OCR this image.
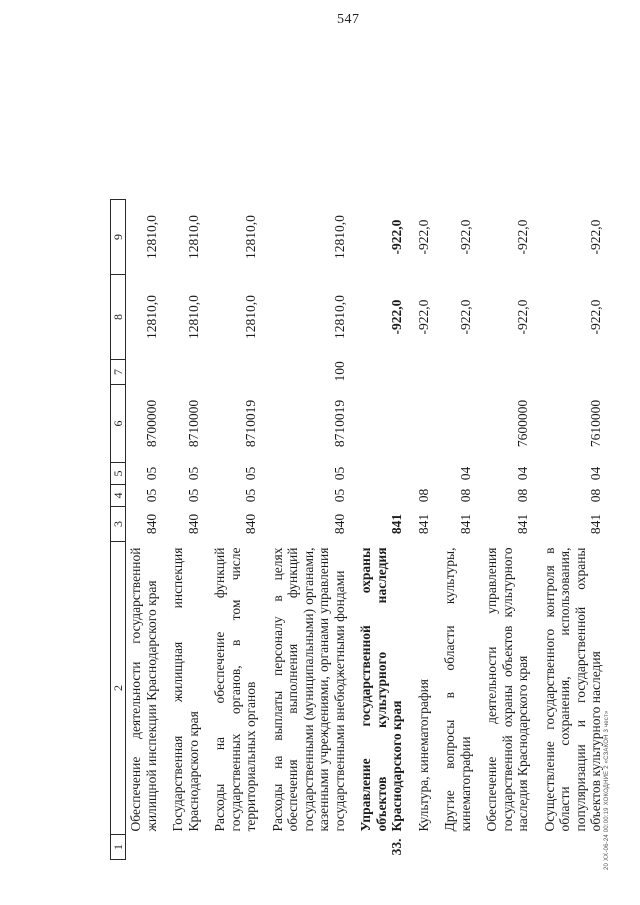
547
20 ХХ-06-24 00:00:19 ХОКОДНИЕ 2 «СЗАКОН 3 чест»
1	2	3	4	5	6	7	8	9	
	Обеспечение деятельности государственной жилищной инспекции Краснодарского края	840	05	05	8700000		12810,0	12810,0	
	Государственная жилищная инспекция Краснодарского края	840	05	05	8710000		12810,0	12810,0	
	Расходы на обеспечение функций государственных органов, в том числе территориальных органов	840	05	05	8710019		12810,0	12810,0	
	Расходы на выплаты персоналу в целях обеспечения выполнения функций государственными (муниципальными) органами, казенными учреждениями, органами управления государственными внебюджетными фондами	840	05	05	8710019	100	12810,0	12810,0	
33.	Управление государственной охраны объектов культурного наследия Краснодарского края	841					-922,0	-922,0	
	Культура, кинематография	841	08				-922,0	-922,0	
	Другие вопросы в области культуры, кинематографии	841	08	04			-922,0	-922,0	
	Обеспечение деятельности управления государственной охраны объектов культурного наследия Краснодарского края	841	08	04	7600000		-922,0	-922,0	
	Осуществление государственного контроля в области сохранения, использования, популяризации и государственной охраны объектов культурного наследия	841	08	04	7610000		-922,0	-922,0	
